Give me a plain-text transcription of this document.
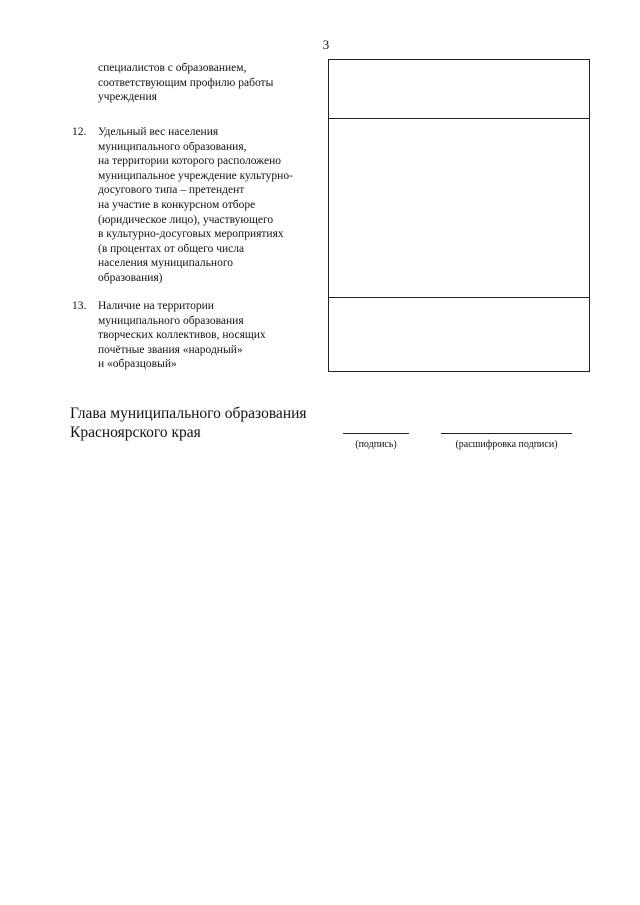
3
специалистов с образованием,
соответствующим профилю работы
учреждения
12. Удельный вес населения
муниципального образования,
на территории которого расположено
муниципальное учреждение культурно-
досугового типа – претендент
на участие в конкурсном отборе
(юридическое лицо), участвующего
в культурно-досуговых мероприятиях
(в процентах от общего числа
населения муниципального
образования)
13. Наличие на территории
муниципального образования
творческих коллективов, носящих
почётные звания «народный»
и «образцовый»
Глава муниципального образования
Красноярского края
(подпись)	(расшифровка подписи)
